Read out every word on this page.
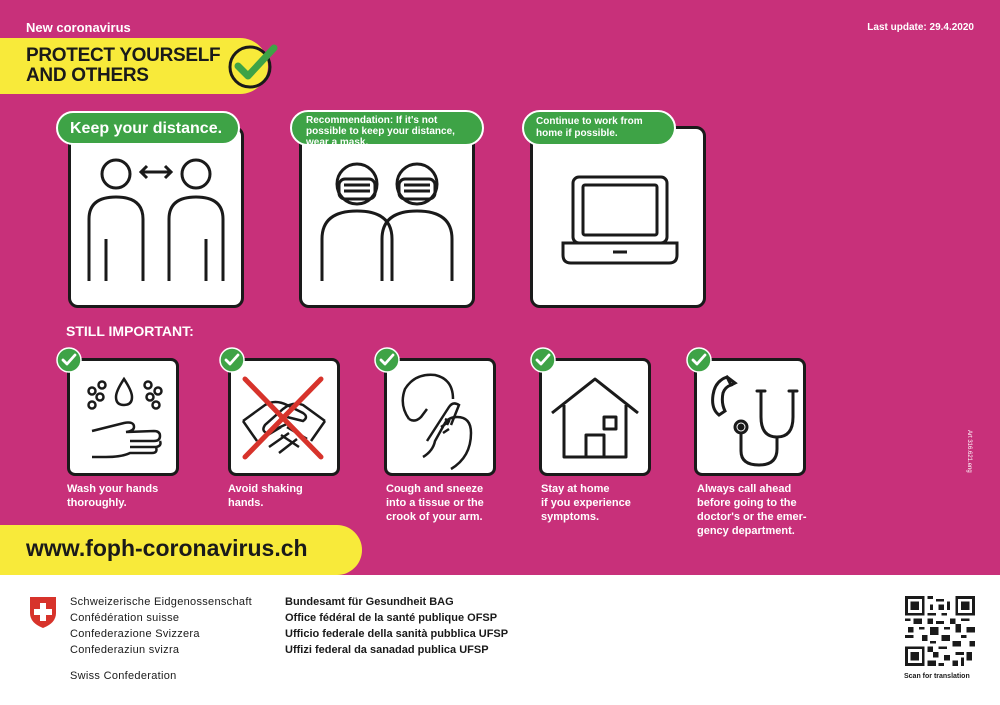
New coronavirus	Last update: 29.4.2020
PROTECT YOURSELF
AND OTHERS
Keep your distance.	Recommendation: If it's not possible to keep your distance, wear a mask.
Continue to work from home if possible.
STILL IMPORTANT:
Wash your hands
thoroughly.
Avoid shaking
hands.
Cough and sneeze
into a tissue or the
crook of your arm.
Stay at home
if you experience
symptoms.
Always call ahead
before going to the
doctor's or the emer-
gency department.
Art 316.621.eng
www.foph-coronavirus.ch
Schweizerische Eidgenossenschaft
Confédération suisse
Confederazione Svizzera
Confederaziun svizra
Swiss Confederation
Bundesamt für Gesundheit BAG
Office fédéral de la santé publique OFSP
Ufficio federale della sanità pubblica UFSP
Uffizi federal da sanadad publica UFSP
Scan for translation
